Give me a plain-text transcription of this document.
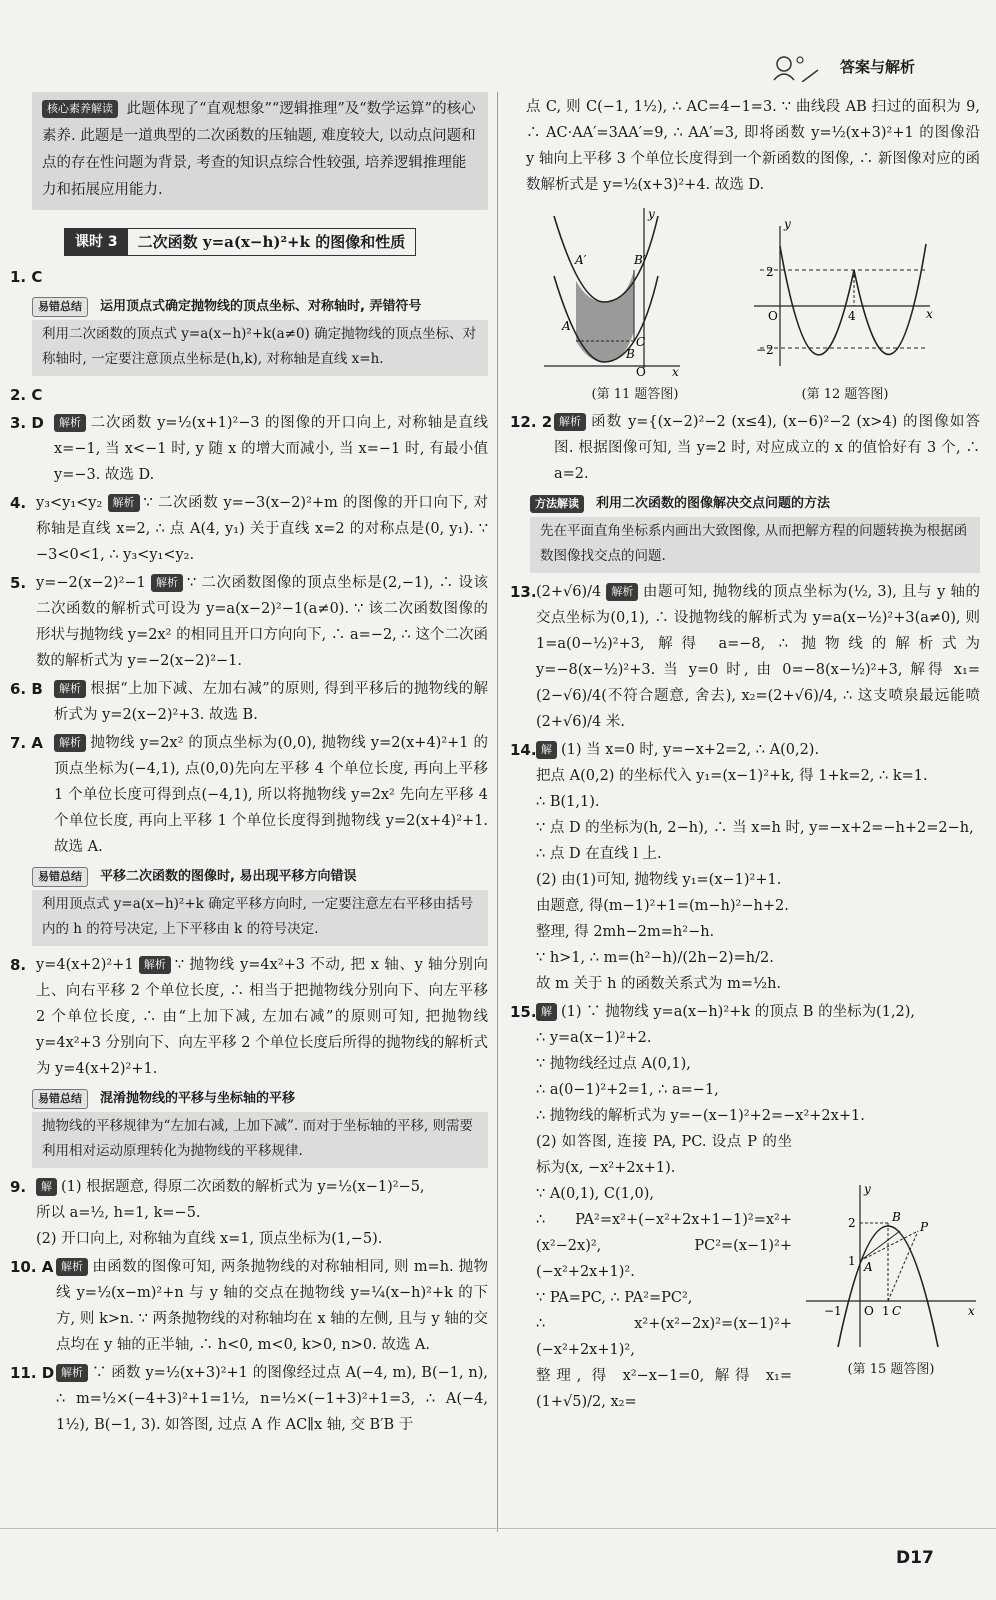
答案与解析
核心素养解读 此题体现了“直观想象”“逻辑推理”及“数学运算”的核心素养. 此题是一道典型的二次函数的压轴题, 难度较大, 以动点问题和点的存在性问题为背景, 考查的知识点综合性较强, 培养逻辑推理能力和拓展应用能力.
课时 3	二次函数 y=a(x−h)²+k 的图像和性质
1. C

易错总结	运用顶点式确定抛物线的顶点坐标、对称轴时, 弄错符号
利用二次函数的顶点式 y=a(x−h)²+k(a≠0) 确定抛物线的顶点坐标、对称轴时, 一定要注意顶点坐标是(h,k), 对称轴是直线 x=h.
2. C

3. D 解析 二次函数 y=½(x+1)²−3 的图像的开口向上, 对称轴是直线 x=−1, 当 x<−1 时, y 随 x 的增大而减小, 当 x=−1 时, 有最小值 y=−3. 故选 D.
4. y₃<y₁<y₂ 解析 ∵ 二次函数 y=−3(x−2)²+m 的图像的开口向下, 对称轴是直线 x=2, ∴ 点 A(4, y₁) 关于直线 x=2 的对称点是(0, y₁). ∵ −3<0<1, ∴ y₃<y₁<y₂.
5. y=−2(x−2)²−1 解析 ∵ 二次函数图像的顶点坐标是(2,−1), ∴ 设该二次函数的解析式可设为 y=a(x−2)²−1(a≠0). ∵ 该二次函数图像的形状与抛物线 y=2x² 的相同且开口方向向下, ∴ a=−2, ∴ 这个二次函数的解析式为 y=−2(x−2)²−1.
6. B 解析 根据“上加下减、左加右减”的原则, 得到平移后的抛物线的解析式为 y=2(x−2)²+3. 故选 B.
7. A 解析 抛物线 y=2x² 的顶点坐标为(0,0), 抛物线 y=2(x+4)²+1 的顶点坐标为(−4,1), 点(0,0)先向左平移 4 个单位长度, 再向上平移 1 个单位长度可得到点(−4,1), 所以将抛物线 y=2x² 先向左平移 4 个单位长度, 再向上平移 1 个单位长度得到抛物线 y=2(x+4)²+1. 故选 A.
易错总结	平移二次函数的图像时, 易出现平移方向错误
利用顶点式 y=a(x−h)²+k 确定平移方向时, 一定要注意左右平移由括号内的 h 的符号决定, 上下平移由 k 的符号决定.
8. y=4(x+2)²+1 解析 ∵ 抛物线 y=4x²+3 不动, 把 x 轴、y 轴分别向上、向右平移 2 个单位长度, ∴ 相当于把抛物线分别向下、向左平移 2 个单位长度, ∴ 由“上加下减, 左加右减”的原则可知, 把抛物线 y=4x²+3 分别向下、向左平移 2 个单位长度后所得的抛物线的解析式为 y=4(x+2)²+1.
易错总结	混淆抛物线的平移与坐标轴的平移
抛物线的平移规律为“左加右减, 上加下减”. 而对于坐标轴的平移, 则需要利用相对运动原理转化为抛物线的平移规律.
9. 解 (1) 根据题意, 得原二次函数的解析式为 y=½(x−1)²−5,
所以 a=½, h=1, k=−5.
(2) 开口向上, 对称轴为直线 x=1, 顶点坐标为(1,−5).
10. A 解析 由函数的图像可知, 两条抛物线的对称轴相同, 则 m=h. 抛物线 y=½(x−m)²+n 与 y 轴的交点在抛物线 y=¼(x−h)²+k 的下方, 则 k>n. ∵ 两条抛物线的对称轴均在 x 轴的左侧, 且与 y 轴的交点均在 y 轴的正半轴, ∴ h<0, m<0, k>0, n>0. 故选 A.
11. D 解析 ∵ 函数 y=½(x+3)²+1 的图像经过点 A(−4, m), B(−1, n), ∴ m=½×(−4+3)²+1=1½, n=½×(−1+3)²+1=3, ∴ A(−4, 1½), B(−1, 3). 如答图, 过点 A 作 AC∥x 轴, 交 B′B 于
点 C, 则 C(−1, 1½), ∴ AC=4−1=3. ∵ 曲线段 AB 扫过的面积为 9, ∴ AC·AA′=3AA′=9, ∴ AA′=3, 即将函数 y=½(x+3)²+1 的图像沿 y 轴向上平移 3 个单位长度得到一个新函数的图像, ∴ 新图像对应的函数解析式是 y=½(x+3)²+4. 故选 D.
A′	B′
A
C
B
O x
y
(第 11 题答图)
y
2
O	4
−2
x
(第 12 题答图)
12. 2 解析 函数 y={(x−2)²−2 (x≤4), (x−6)²−2 (x>4) 的图像如答图. 根据图像可知, 当 y=2 时, 对应成立的 x 的值恰好有 3 个, ∴ a=2.
方法解读	利用二次函数的图像解决交点问题的方法
先在平面直角坐标系内画出大致图像, 从而把解方程的问题转换为根据函数图像找交点的问题.
13. (2+√6)/4 解析 由题可知, 抛物线的顶点坐标为(½, 3), 且与 y 轴的交点坐标为(0,1), ∴ 设抛物线的解析式为 y=a(x−½)²+3(a≠0), 则 1=a(0−½)²+3, 解得 a=−8, ∴ 抛物线的解析式为 y=−8(x−½)²+3. 当 y=0 时, 由 0=−8(x−½)²+3, 解得 x₁=(2−√6)/4(不符合题意, 舍去), x₂=(2+√6)/4, ∴ 这支喷泉最远能喷 (2+√6)/4 米.
14. 解 (1) 当 x=0 时, y=−x+2=2, ∴ A(0,2).
把点 A(0,2) 的坐标代入 y₁=(x−1)²+k, 得 1+k=2, ∴ k=1.
∴ B(1,1).
∵ 点 D 的坐标为(h, 2−h), ∴ 当 x=h 时, y=−x+2=−h+2=2−h,
∴ 点 D 在直线 l 上.
(2) 由(1)可知, 抛物线 y₁=(x−1)²+1.
由题意, 得(m−1)²+1=(m−h)²−h+2.
整理, 得 2mh−2m=h²−h.
∵ h>1, ∴ m=(h²−h)/(2h−2)=h/2.
故 m 关于 h 的函数关系式为 m=½h.
15. 解 (1) ∵ 抛物线 y=a(x−h)²+k 的顶点 B 的坐标为(1,2),
∴ y=a(x−1)²+2.
∵ 抛物线经过点 A(0,1),
∴ a(0−1)²+2=1, ∴ a=−1,
∴ 抛物线的解析式为 y=−(x−1)²+2=−x²+2x+1.

(2) 如答图, 连接 PA, PC. 设点 P 的坐标为(x, −x²+2x+1).
∵ A(0,1), C(1,0),
∴ PA²=x²+(−x²+2x+1−1)²=x²+(x²−2x)², PC²=(x−1)²+(−x²+2x+1)².
∵ PA=PC, ∴ PA²=PC²,
∴ x²+(x²−2x)²=(x−1)²+(−x²+2x+1)²,
整理, 得 x²−x−1=0, 解得 x₁=(1+√5)/2, x₂=
y
2
1 A
B
P
−1 O 1 C	x
(第 15 题答图)
D17
